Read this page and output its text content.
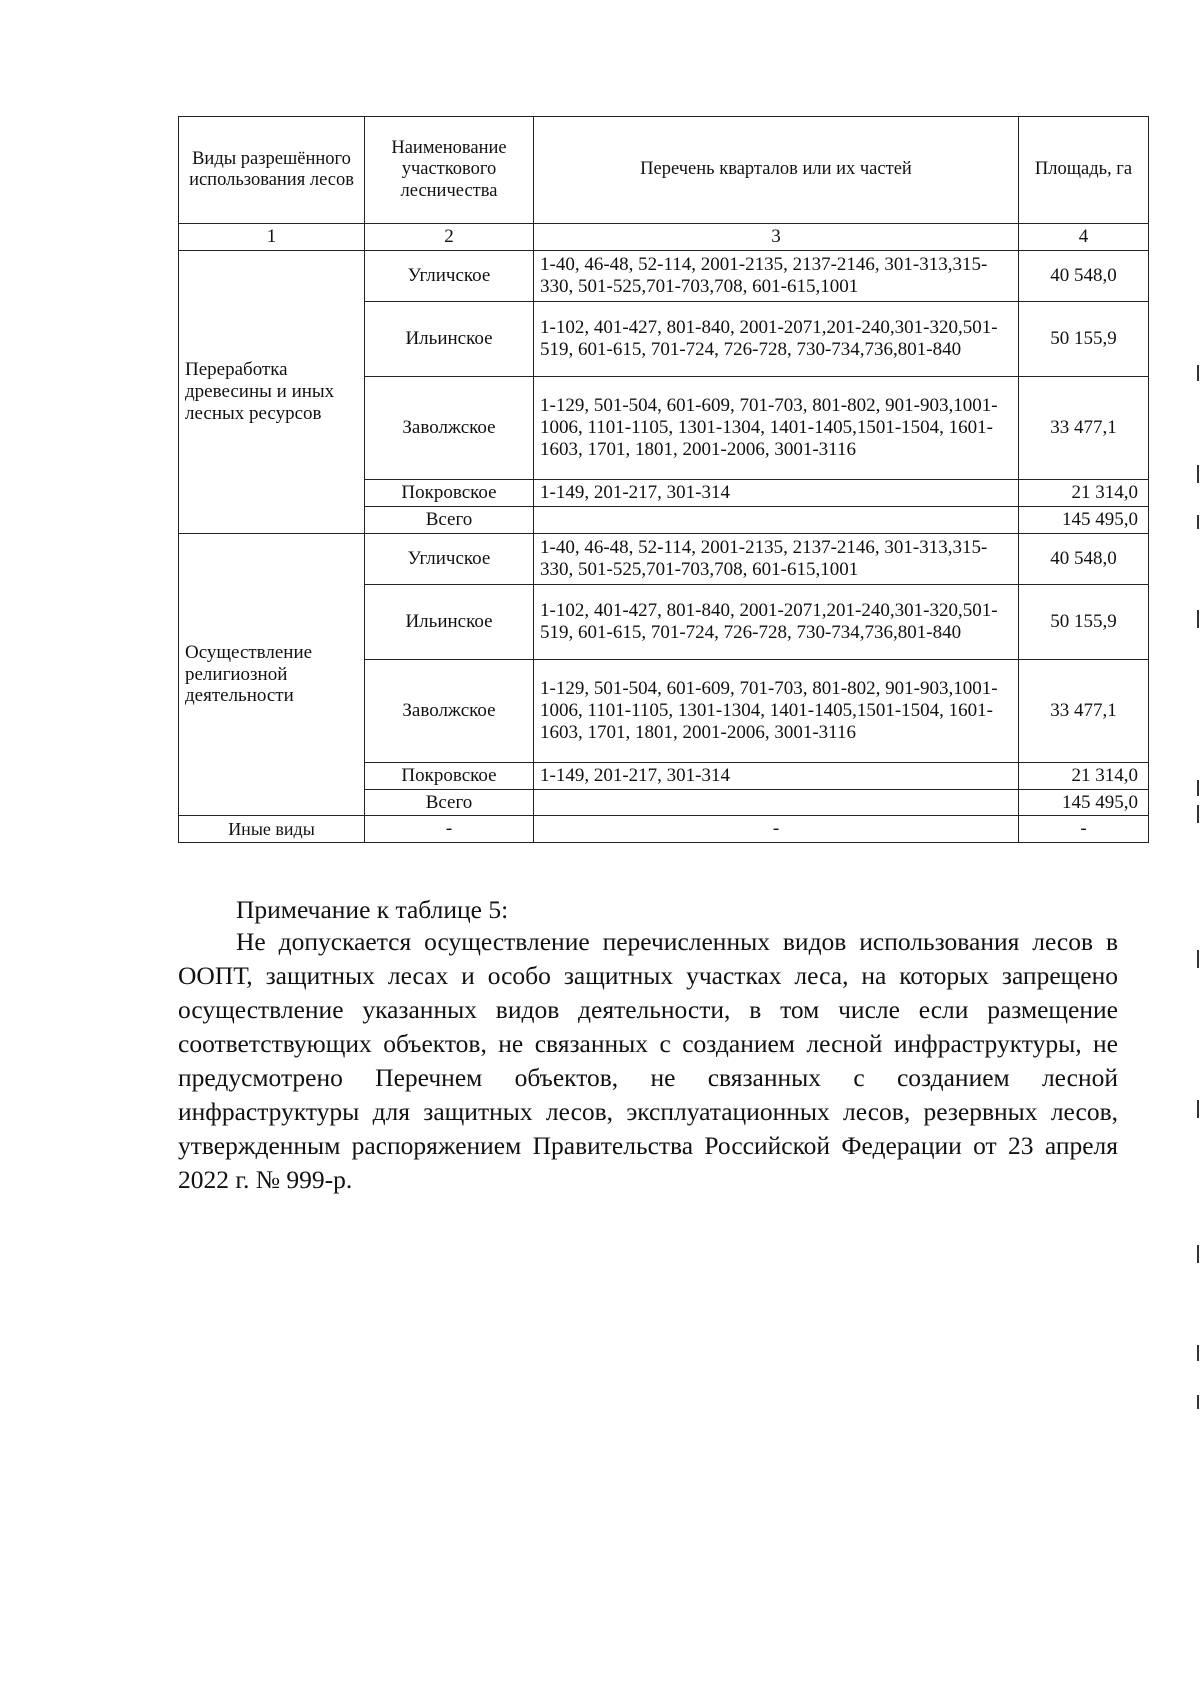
Виды разрешённого использования лесов	Наименование участкового лесничества	Перечень кварталов или их частей	Площадь, га
1	2	3	4
Переработка древесины и иных лесных ресурсов	Угличское	1-40, 46-48, 52-114, 2001-2135, 2137-2146, 301-313,315-330, 501-525,701-703,708, 601-615,1001	40 548,0
	Ильинское	1-102, 401-427, 801-840, 2001-2071,201-240,301-320,501-519, 601-615, 701-724, 726-728, 730-734,736,801-840	50 155,9
	Заволжское	1-129, 501-504, 601-609, 701-703, 801-802, 901-903,1001-1006, 1101-1105, 1301-1304, 1401-1405,1501-1504, 1601-1603, 1701, 1801, 2001-2006, 3001-3116	33 477,1
	Покровское	1-149, 201-217, 301-314	21 314,0
	Всего		145 495,0
Осуществление религиозной деятельности	Угличское	1-40, 46-48, 52-114, 2001-2135, 2137-2146, 301-313,315-330, 501-525,701-703,708, 601-615,1001	40 548,0
	Ильинское	1-102, 401-427, 801-840, 2001-2071,201-240,301-320,501-519, 601-615, 701-724, 726-728, 730-734,736,801-840	50 155,9
	Заволжское	1-129, 501-504, 601-609, 701-703, 801-802, 901-903,1001-1006, 1101-1105, 1301-1304, 1401-1405,1501-1504, 1601-1603, 1701, 1801, 2001-2006, 3001-3116	33 477,1
	Покровское	1-149, 201-217, 301-314	21 314,0
	Всего		145 495,0
Иные виды	-	-	-
Примечание к таблице 5:
Не допускается осуществление перечисленных видов использования лесов в ООПТ, защитных лесах и особо защитных участках леса, на которых запрещено осуществление указанных видов деятельности, в том числе если размещение соответствующих объектов, не связанных с созданием лесной инфраструктуры, не предусмотрено Перечнем объектов, не связанных с созданием лесной инфраструктуры для защитных лесов, эксплуатационных лесов, резервных лесов, утвержденным распоряжением Правительства Российской Федерации от 23 апреля 2022 г. № 999-р.
